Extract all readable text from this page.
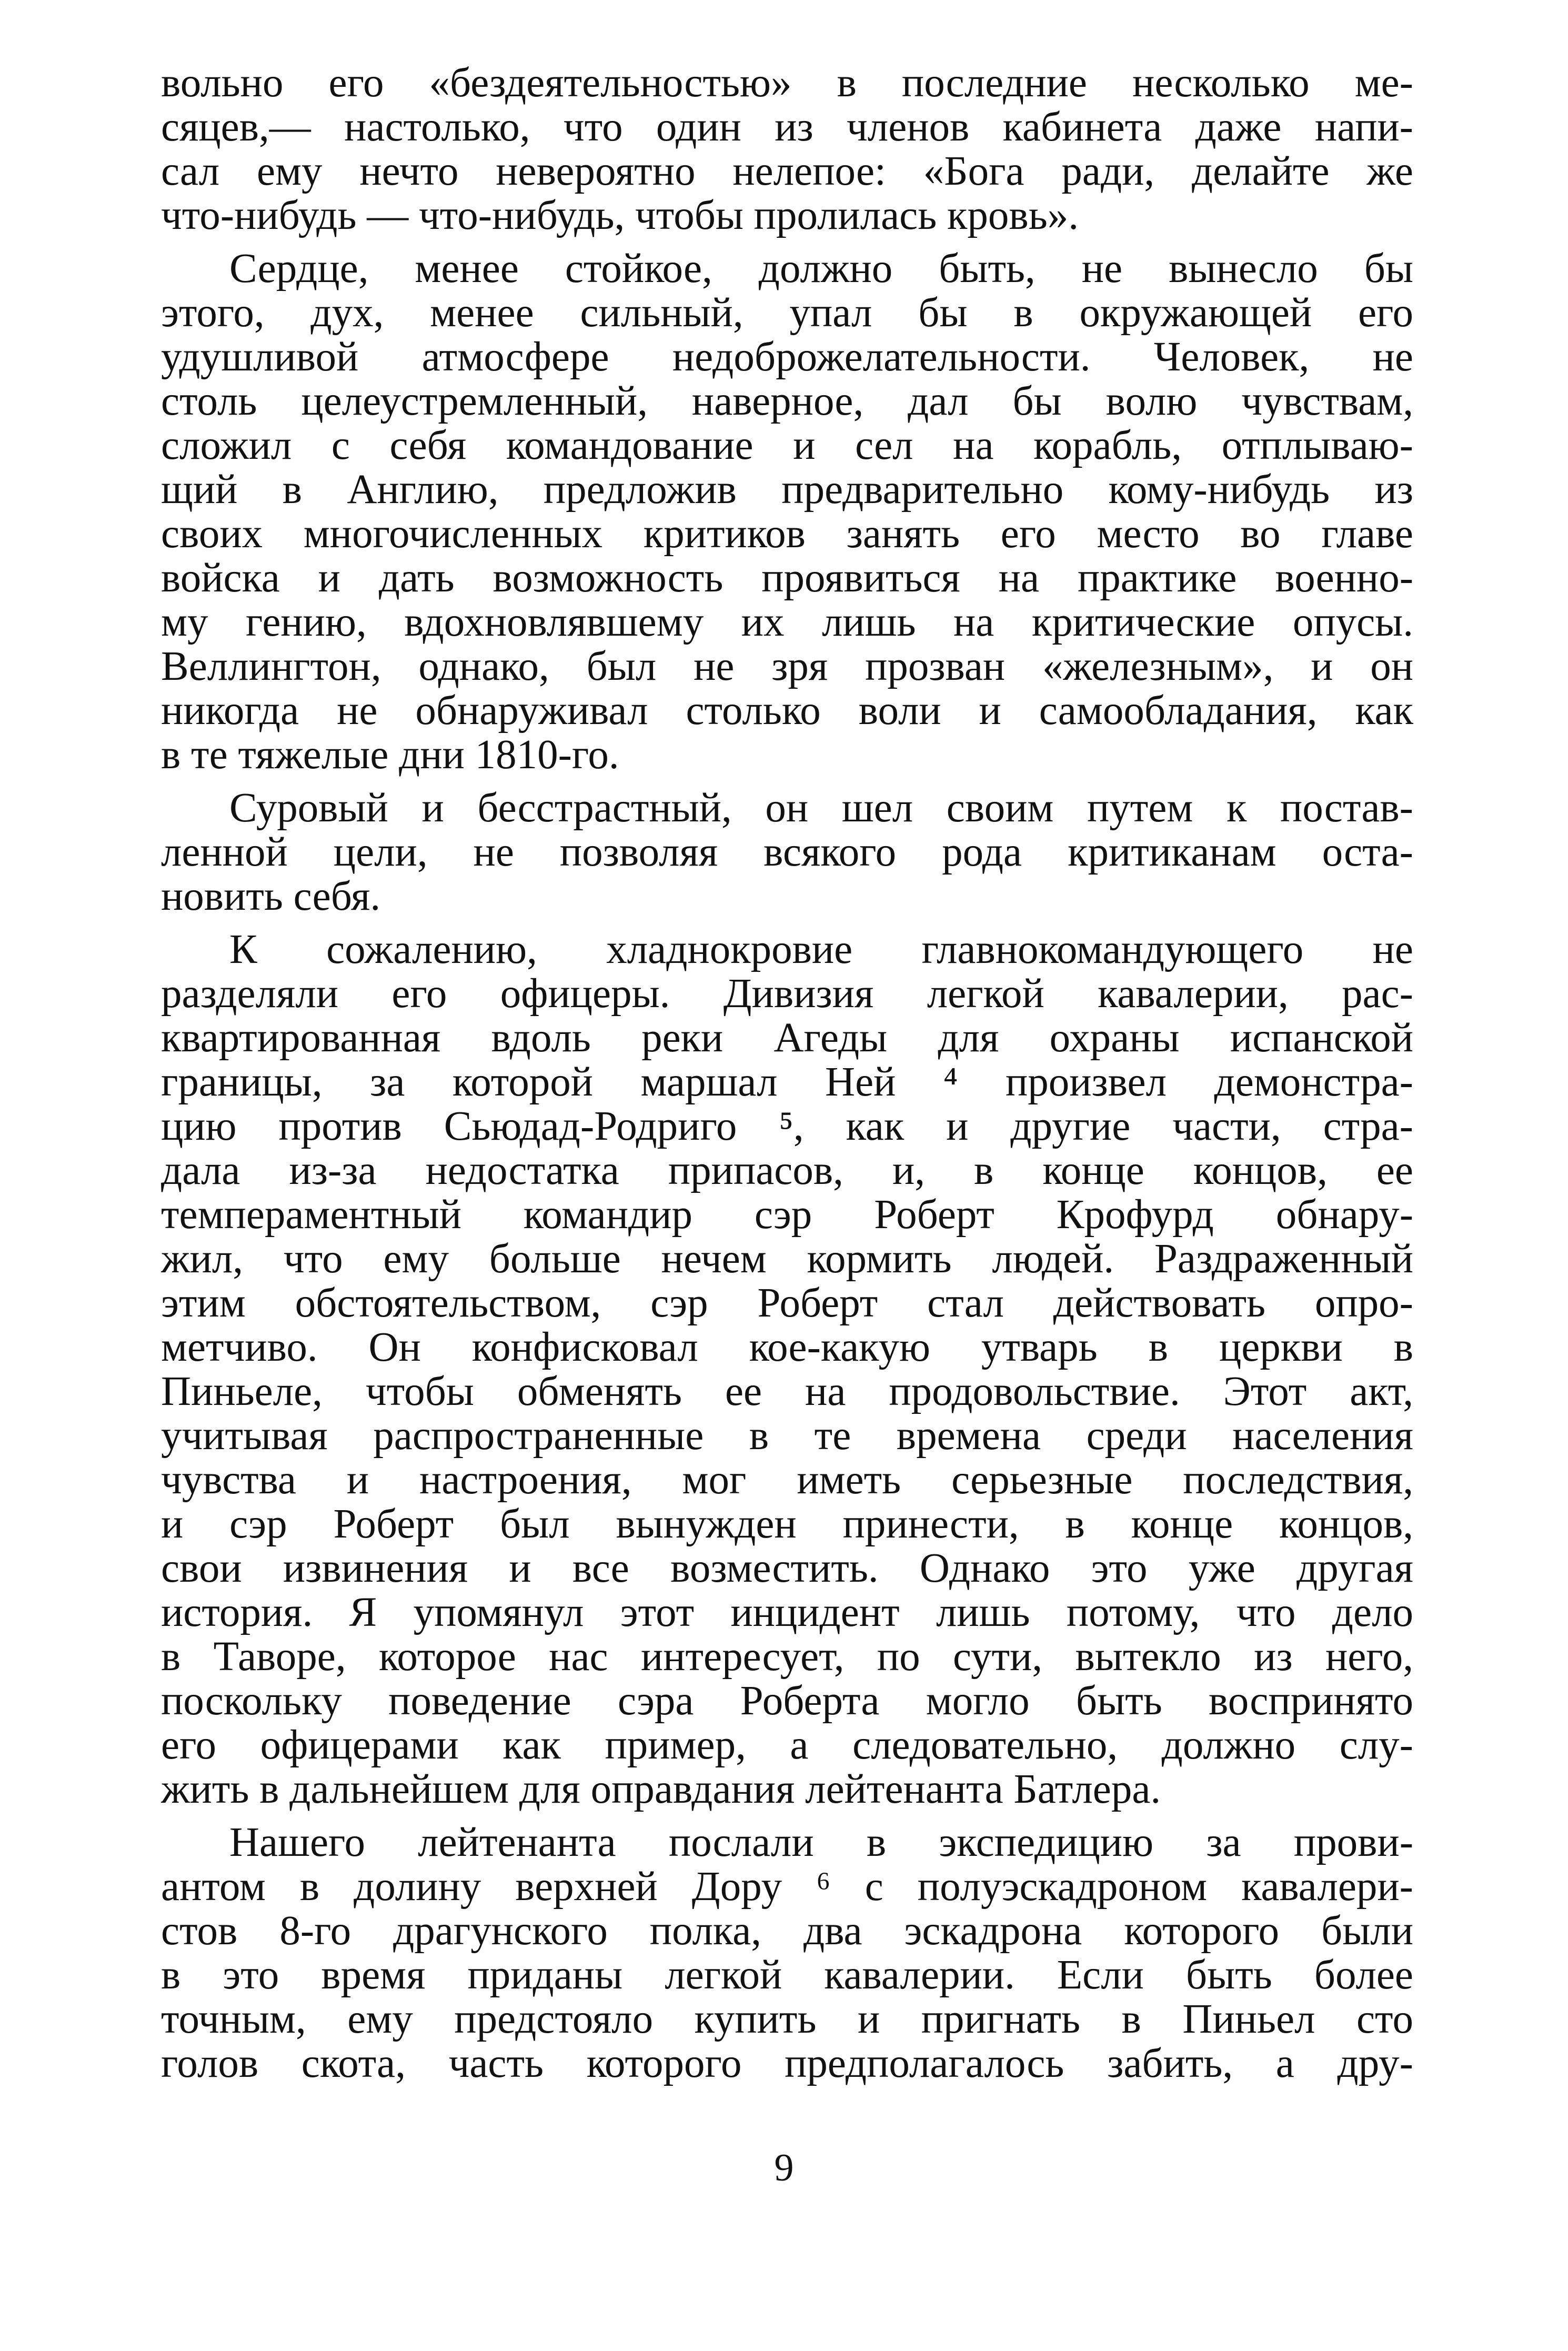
вольно его «бездеятельностью» в последние несколько ме-
сяцев,— настолько, что один из членов кабинета даже напи-
сал ему нечто невероятно нелепое: «Бога ради, делайте же
что-нибудь — что-нибудь, чтобы пролилась кровь».
Сердце, менее стойкое, должно быть, не вынесло бы
этого, дух, менее сильный, упал бы в окружающей его
удушливой атмосфере недоброжелательности. Человек, не
столь целеустремленный, наверное, дал бы волю чувствам,
сложил с себя командование и сел на корабль, отплываю-
щий в Англию, предложив предварительно кому-нибудь из
своих многочисленных критиков занять его место во главе
войска и дать возможность проявиться на практике военно-
му гению, вдохновлявшему их лишь на критические опусы.
Веллингтон, однако, был не зря прозван «железным», и он
никогда не обнаруживал столько воли и самообладания, как
в те тяжелые дни 1810-го.
Суровый и бесстрастный, он шел своим путем к постав-
ленной цели, не позволяя всякого рода критиканам оста-
новить себя.
К сожалению, хладнокровие главнокомандующего не
разделяли его офицеры. Дивизия легкой кавалерии, рас-
квартированная вдоль реки Агеды для охраны испанской
границы, за которой маршал Ней ⁴ произвел демонстра-
цию против Сьюдад-Родриго ⁵, как и другие части, стра-
дала из-за недостатка припасов, и, в конце концов, ее
темпераментный командир сэр Роберт Крофурд обнару-
жил, что ему больше нечем кормить людей. Раздраженный
этим обстоятельством, сэр Роберт стал действовать опро-
метчиво. Он конфисковал кое-какую утварь в церкви в
Пиньеле, чтобы обменять ее на продовольствие. Этот акт,
учитывая распространенные в те времена среди населения
чувства и настроения, мог иметь серьезные последствия,
и сэр Роберт был вынужден принести, в конце концов,
свои извинения и все возместить. Однако это уже другая
история. Я упомянул этот инцидент лишь потому, что дело
в Таворе, которое нас интересует, по сути, вытекло из него,
поскольку поведение сэра Роберта могло быть воспринято
его офицерами как пример, а следовательно, должно слу-
жить в дальнейшем для оправдания лейтенанта Батлера.
Нашего лейтенанта послали в экспедицию за прови-
антом в долину верхней Дору ⁶ с полуэскадроном кавалери-
стов 8-го драгунского полка, два эскадрона которого были
в это время приданы легкой кавалерии. Если быть более
точным, ему предстояло купить и пригнать в Пиньел сто
голов скота, часть которого предполагалось забить, а дру-
9
